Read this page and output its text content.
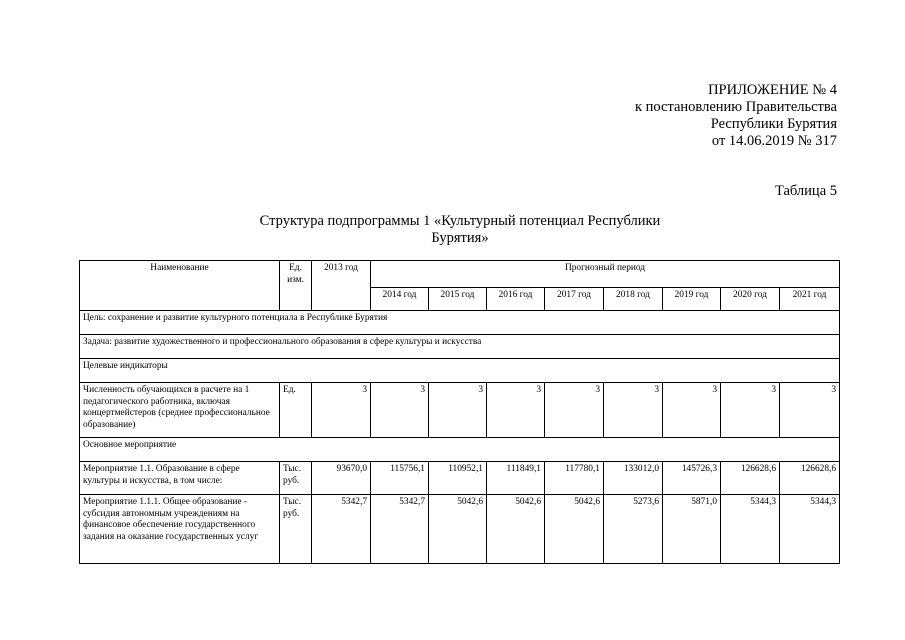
ПРИЛОЖЕНИЕ № 4
к постановлению Правительства
Республики Бурятия
от 14.06.2019 № 317
Таблица 5
Структура подпрограммы 1 «Культурный потенциал Республики
Бурятия»
Наименование	Ед. изм.	2013 год	Прогнозный период							
			2014 год	2015 год	2016 год	2017 год	2018 год	2019 год	2020 год	2021 год
Цель: сохранение и развитие культурного потенциала в Республике Бурятия										
Задача: развитие художественного и профессионального образования в сфере культуры и искусства										
Целевые индикаторы										
Численность обучающихся в расчете на 1 педагогического работника, включая концертмейстеров (среднее профессиональное образование)	Ед.	3	3	3	3	3	3	3	3	3
Основное мероприятие										
Мероприятие 1.1. Образование в сфере культуры и искусства, в том числе:	Тыс. руб.	93670,0	115756,1	110952,1	111849,1	117780,1	133012,0	145726,3	126628,6	126628,6
Мероприятие 1.1.1. Общее образование - субсидия автономным учреждениям на финансовое обеспечение государственного задания на оказание государственных услуг	Тыс. руб.	5342,7	5342,7	5042,6	5042,6	5042,6	5273,6	5871,0	5344,3	5344,3
